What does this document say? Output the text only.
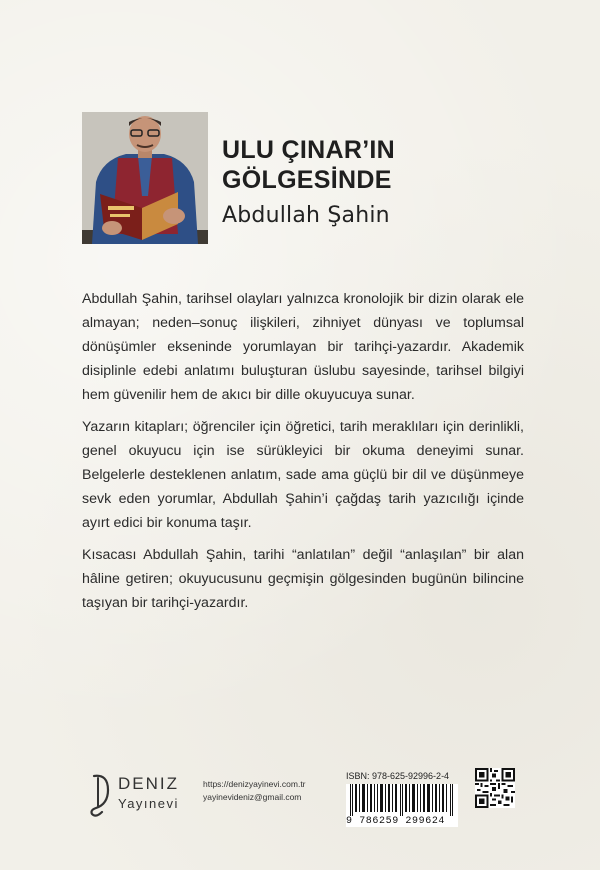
ULU ÇINAR’IN
GÖLGESİNDE
Abdullah Şahin

Abdullah Şahin, tarihsel olayları yalnızca kronolojik bir dizin olarak ele almayan; neden–sonuç ilişkileri, zihniyet dünyası ve toplumsal dönüşümler ekseninde yorumlayan bir tarihçi-yazardır. Akademik disiplinle edebi anlatımı buluşturan üslubu sayesinde, tarihsel bilgiyi hem güvenilir hem de akıcı bir dille okuyucuya sunar.

Yazarın kitapları; öğrenciler için öğretici, tarih meraklıları için derinlikli, genel okuyucu için ise sürükleyici bir okuma deneyimi sunar. Belgelerle desteklenen anlatım, sade ama güçlü bir dil ve düşünmeye sevk eden yorumlar, Abdullah Şahin’i çağdaş tarih yazıcılığı içinde ayırt edici bir konuma taşır.

Kısacası Abdullah Şahin, tarihi “anlatılan” değil “anlaşılan” bir alan hâline getiren; okuyucusunu geçmişin gölgesinden bugünün bilincine taşıyan bir tarihçi-yazardır.

DENIZ
Yayınevi
https://denizyayinevi.com.tr
yayinevideniz@gmail.com
ISBN: 978-625-92996-2-4
9 786259 299624
